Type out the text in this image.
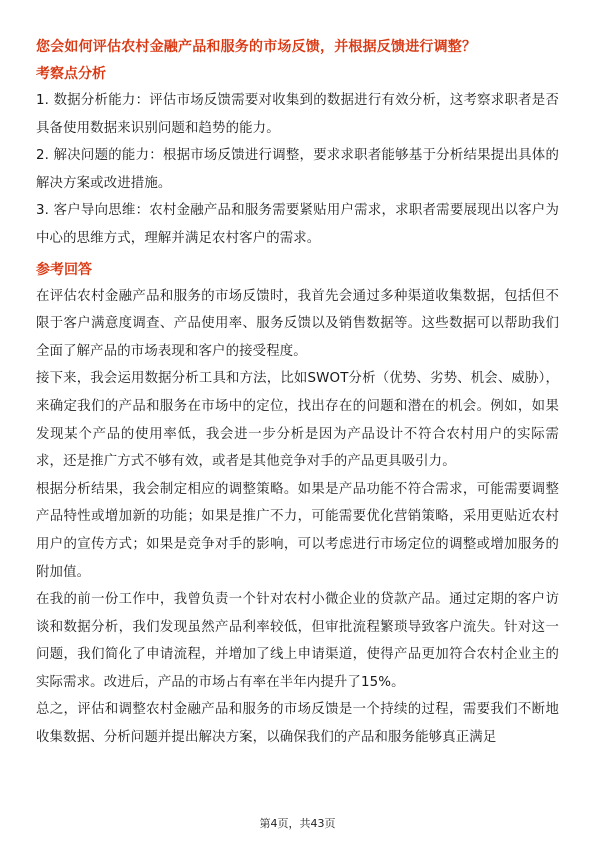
您会如何评估农村金融产品和服务的市场反馈，并根据反馈进行调整？
考察点分析

1. 数据分析能力：评估市场反馈需要对收集到的数据进行有效分析，这考察求职者是否具备使用数据来识别问题和趋势的能力。

2. 解决问题的能力：根据市场反馈进行调整，要求求职者能够基于分析结果提出具体的解决方案或改进措施。

3. 客户导向思维：农村金融产品和服务需要紧贴用户需求，求职者需要展现出以客户为中心的思维方式，理解并满足农村客户的需求。

参考回答

在评估农村金融产品和服务的市场反馈时，我首先会通过多种渠道收集数据，包括但不限于客户满意度调查、产品使用率、服务反馈以及销售数据等。这些数据可以帮助我们全面了解产品的市场表现和客户的接受程度。

接下来，我会运用数据分析工具和方法，比如SWOT分析（优势、劣势、机会、威胁），来确定我们的产品和服务在市场中的定位，找出存在的问题和潜在的机会。例如，如果发现某个产品的使用率低，我会进一步分析是因为产品设计不符合农村用户的实际需求，还是推广方式不够有效，或者是其他竞争对手的产品更具吸引力。

根据分析结果，我会制定相应的调整策略。如果是产品功能不符合需求，可能需要调整产品特性或增加新的功能；如果是推广不力，可能需要优化营销策略，采用更贴近农村用户的宣传方式；如果是竞争对手的影响，可以考虑进行市场定位的调整或增加服务的附加值。

在我的前一份工作中，我曾负责一个针对农村小微企业的贷款产品。通过定期的客户访谈和数据分析，我们发现虽然产品利率较低，但审批流程繁琐导致客户流失。针对这一问题，我们简化了申请流程，并增加了线上申请渠道，使得产品更加符合农村企业主的实际需求。改进后，产品的市场占有率在半年内提升了15%。

总之，评估和调整农村金融产品和服务的市场反馈是一个持续的过程，需要我们不断地收集数据、分析问题并提出解决方案，以确保我们的产品和服务能够真正满足

第4页，共43页
